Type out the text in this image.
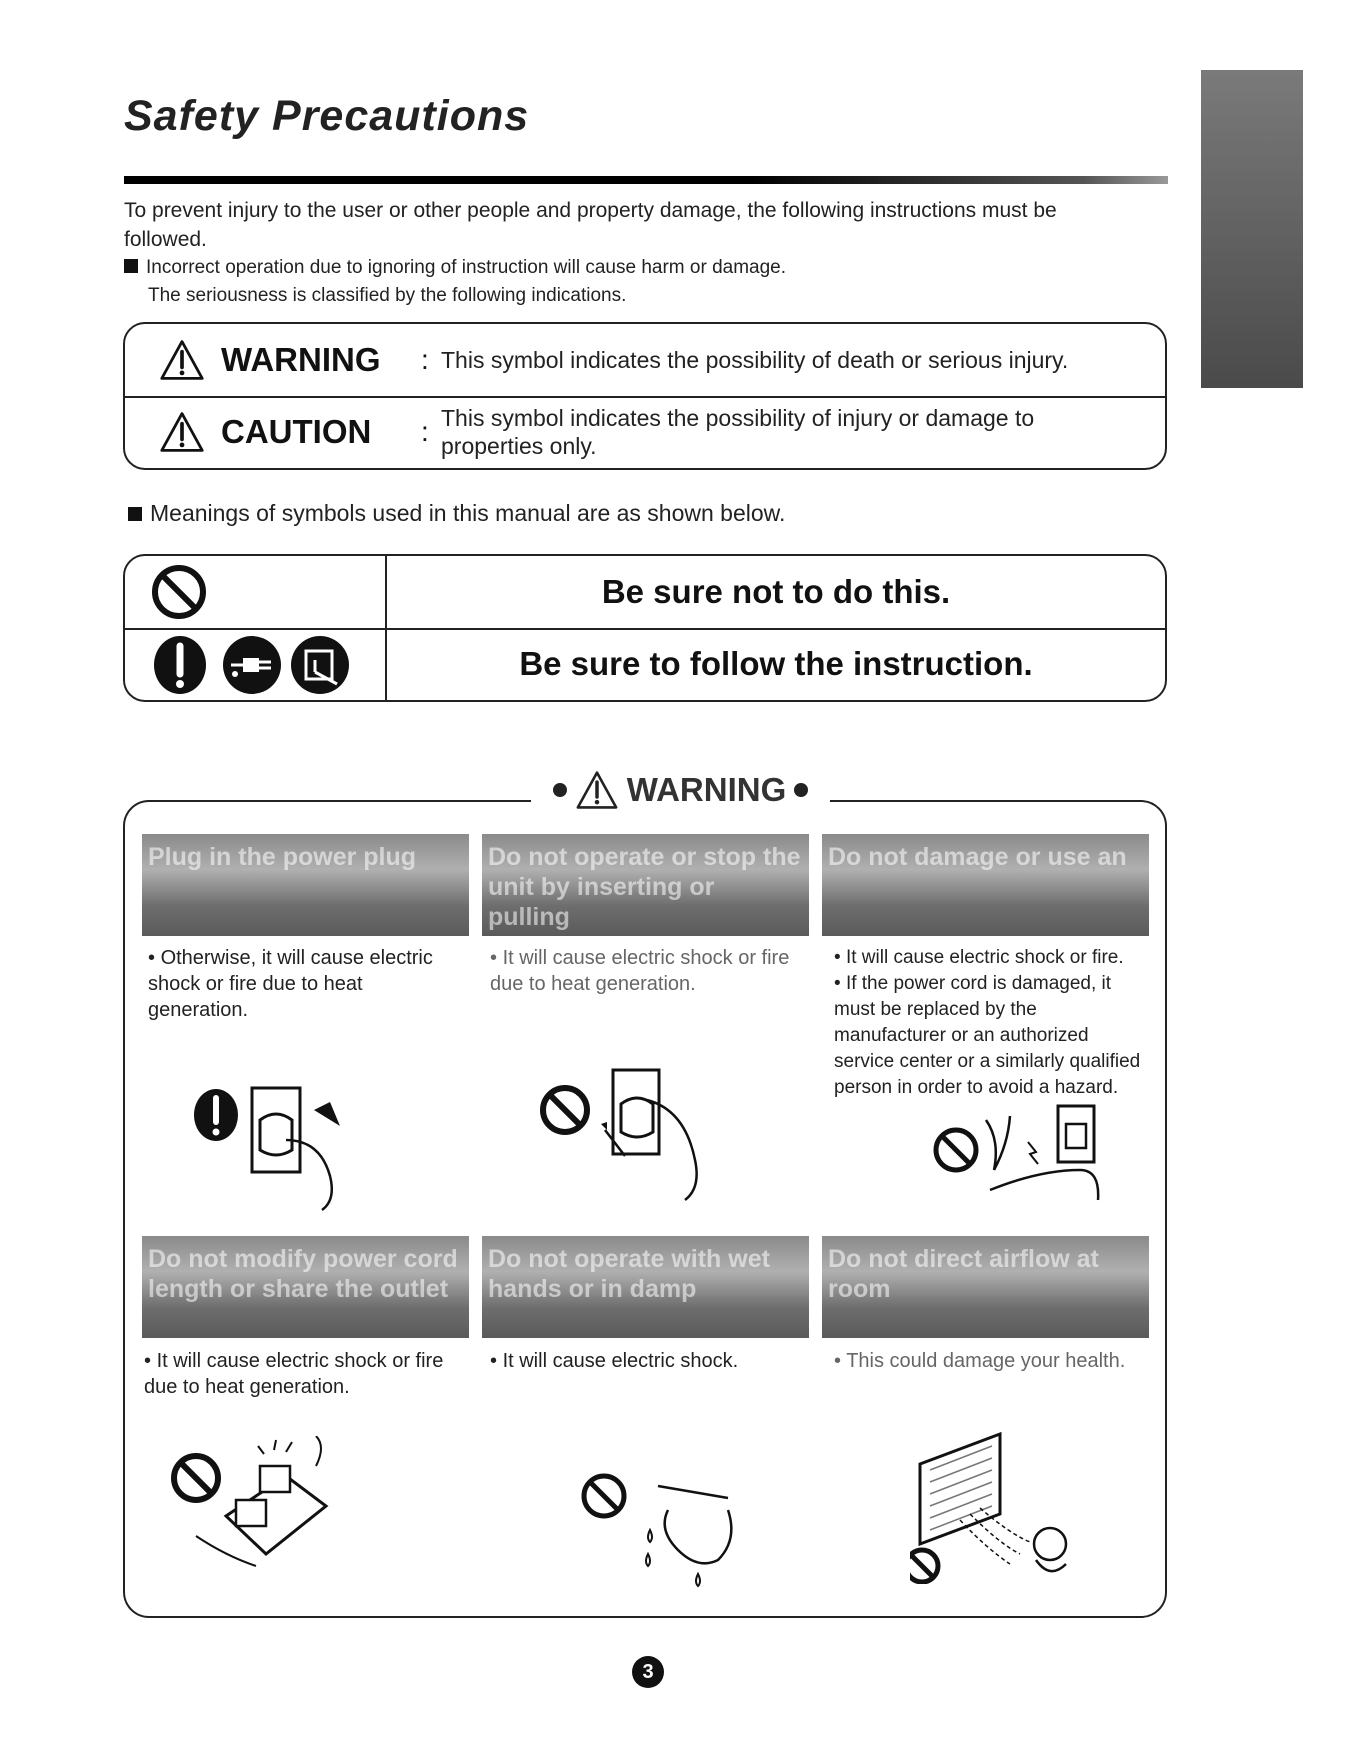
Safety Precautions
To prevent injury to the user or other people and property damage, the following instructions must be followed.
Incorrect operation due to ignoring of instruction will cause harm or damage.
The seriousness is classified by the following indications.
WARNING	: This symbol indicates the possibility of death or serious injury.
CAUTION	: This symbol indicates the possibility of injury or damage to properties only.
Meanings of symbols used in this manual are as shown below.
Be sure not to do this.
Be sure to follow the instruction.
WARNING
Plug in the power plug	Do not operate or stop the unit by inserting or pulling
Do not damage or use an
• Otherwise, it will cause electric shock or fire due to heat generation.
• It will cause electric shock or fire due to heat generation.
• It will cause electric shock or fire.
• If the power cord is damaged, it must be replaced by the manufacturer or an authorized service center or a similarly qualified person in order to avoid a hazard.
Do not modify power cord length or share the outlet
Do not operate with wet hands or in damp
Do not direct airflow at room
• It will cause electric shock or fire due to heat generation.
• It will cause electric shock.	• This could damage your health.
3
